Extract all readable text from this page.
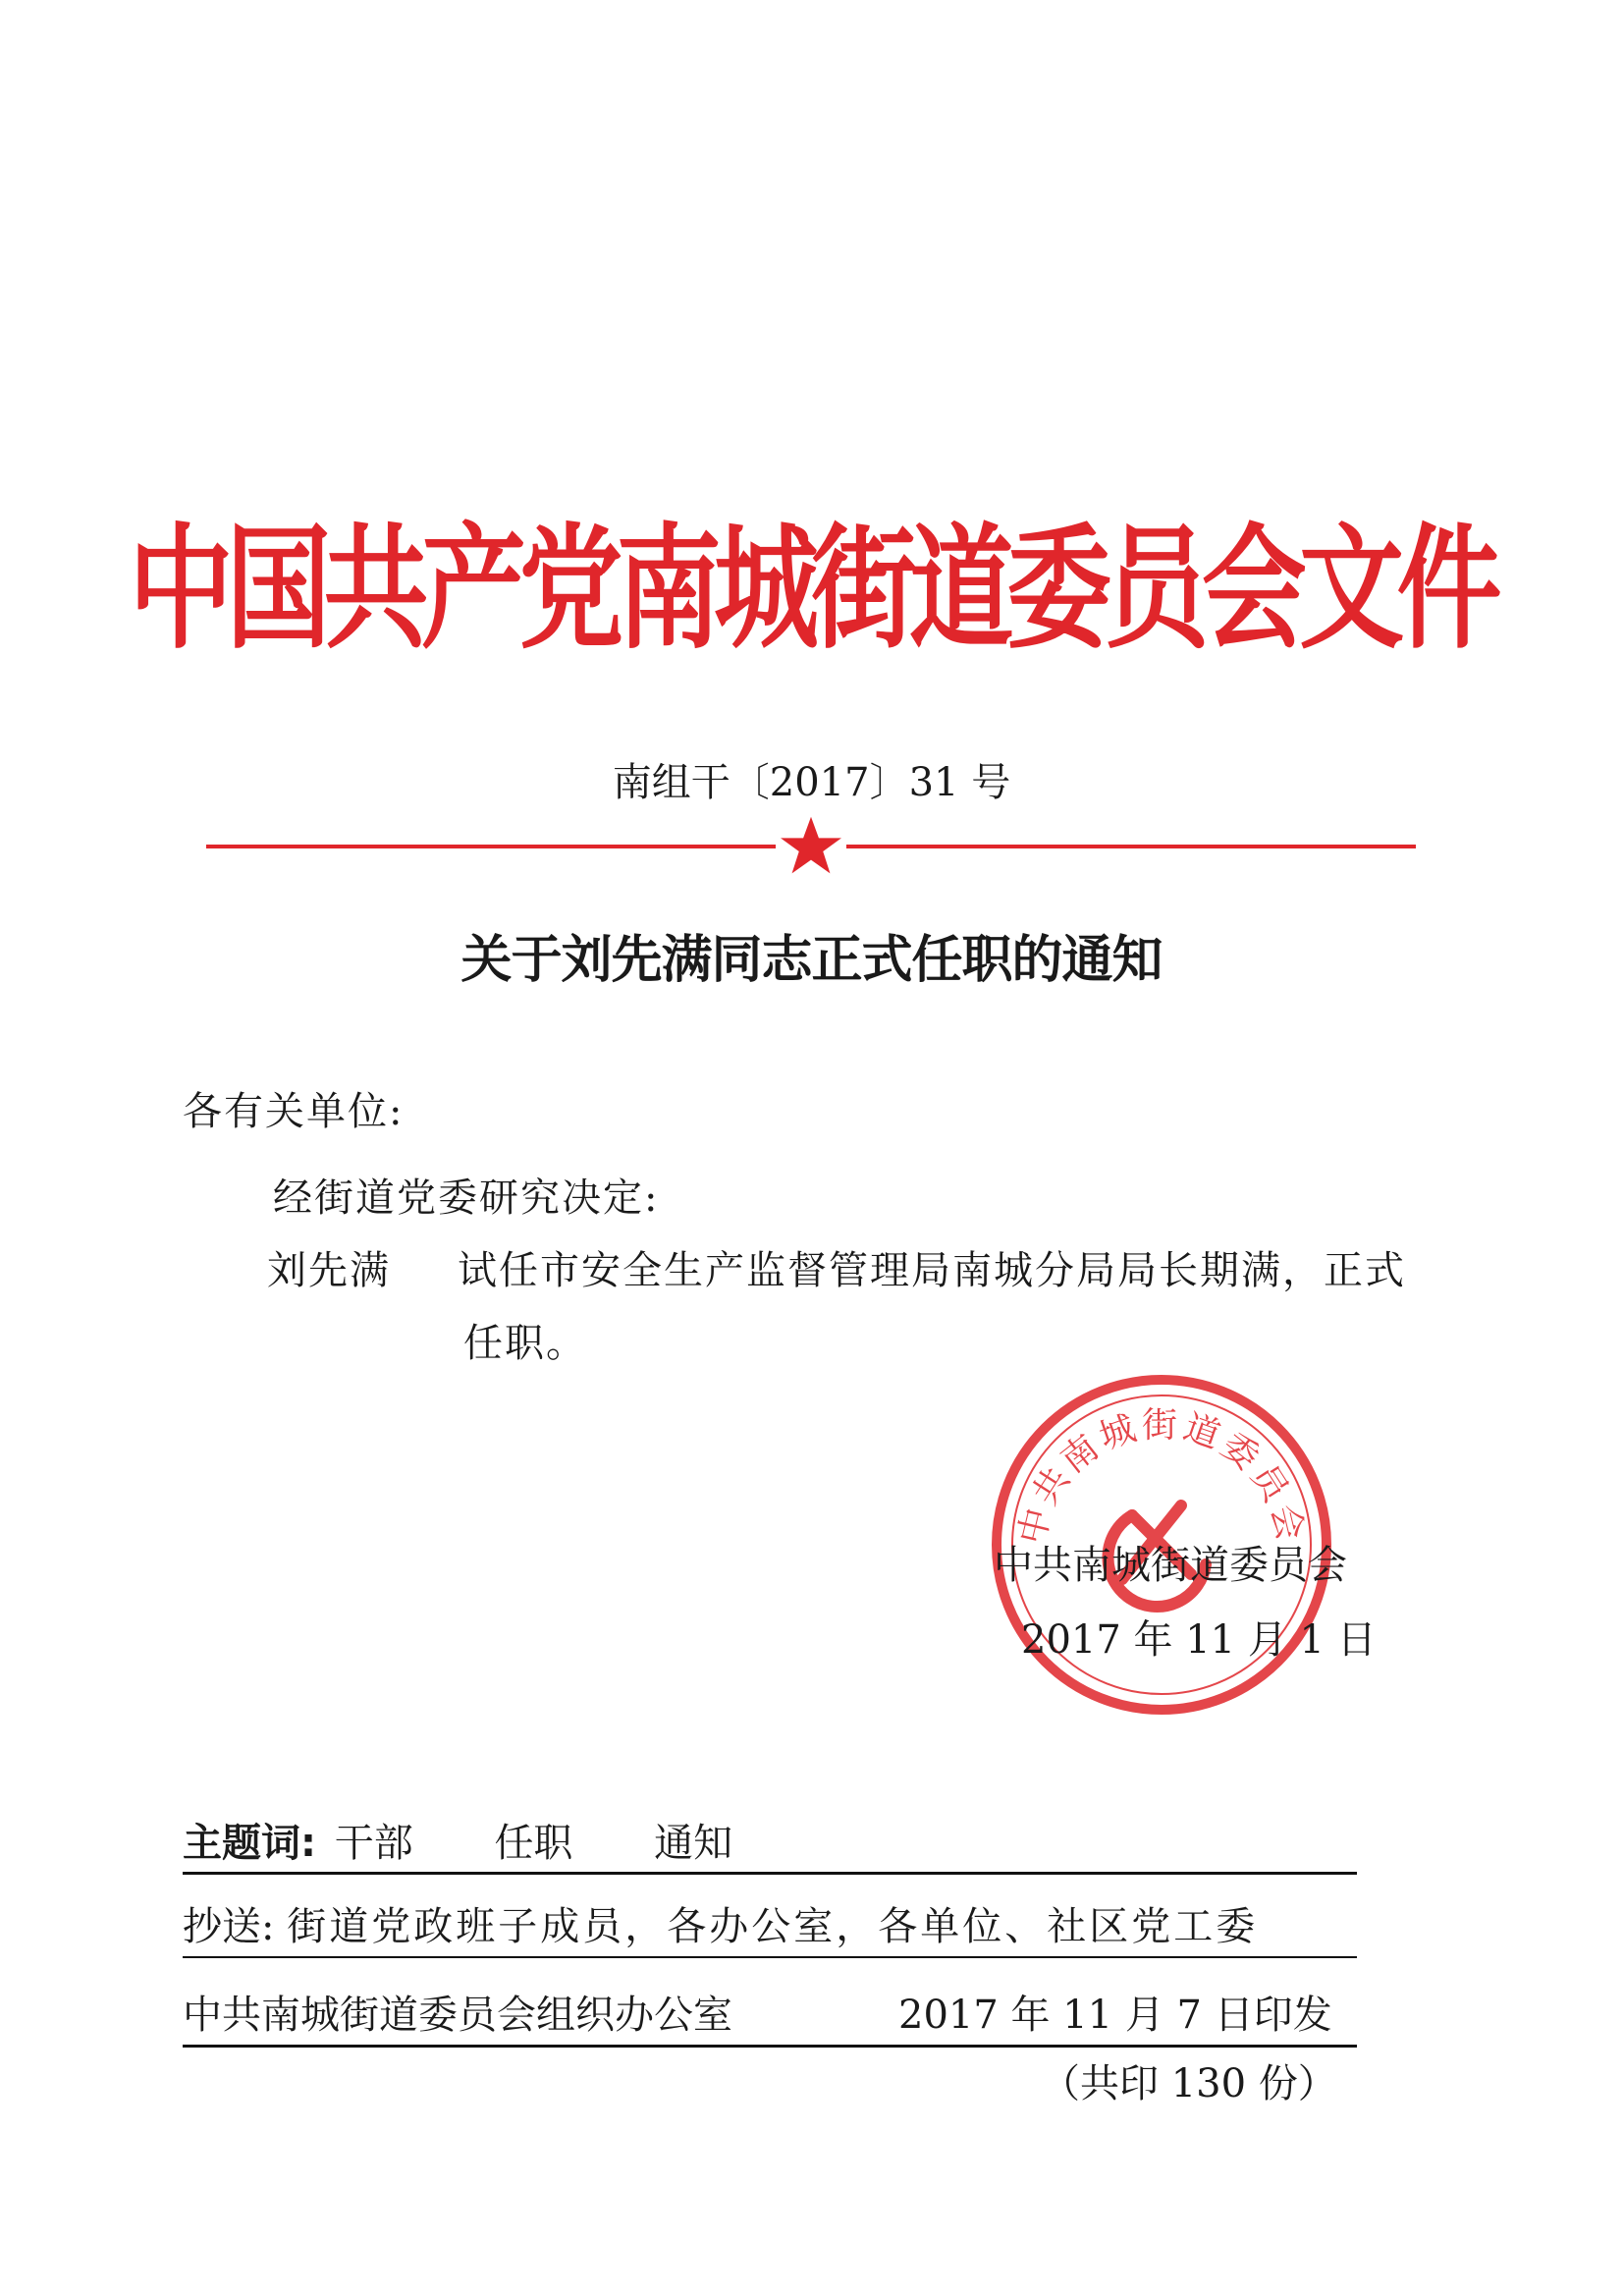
中国共产党南城街道委员会文件
南组干〔2017〕31 号
关于刘先满同志正式任职的通知
各有关单位:
经街道党委研究决定:
刘先满 试任市安全生产监督管理局南城分局局长期满，正式
任职。
中共南城街道委员会
中共南城街道委员会
2017 年 11 月 1 日
主题词: 干部 任职 通知
抄送: 街道党政班子成员，各办公室，各单位、社区党工委
中共南城街道委员会组织办公室	2017 年 11 月 7 日印发
（共印 130 份）
